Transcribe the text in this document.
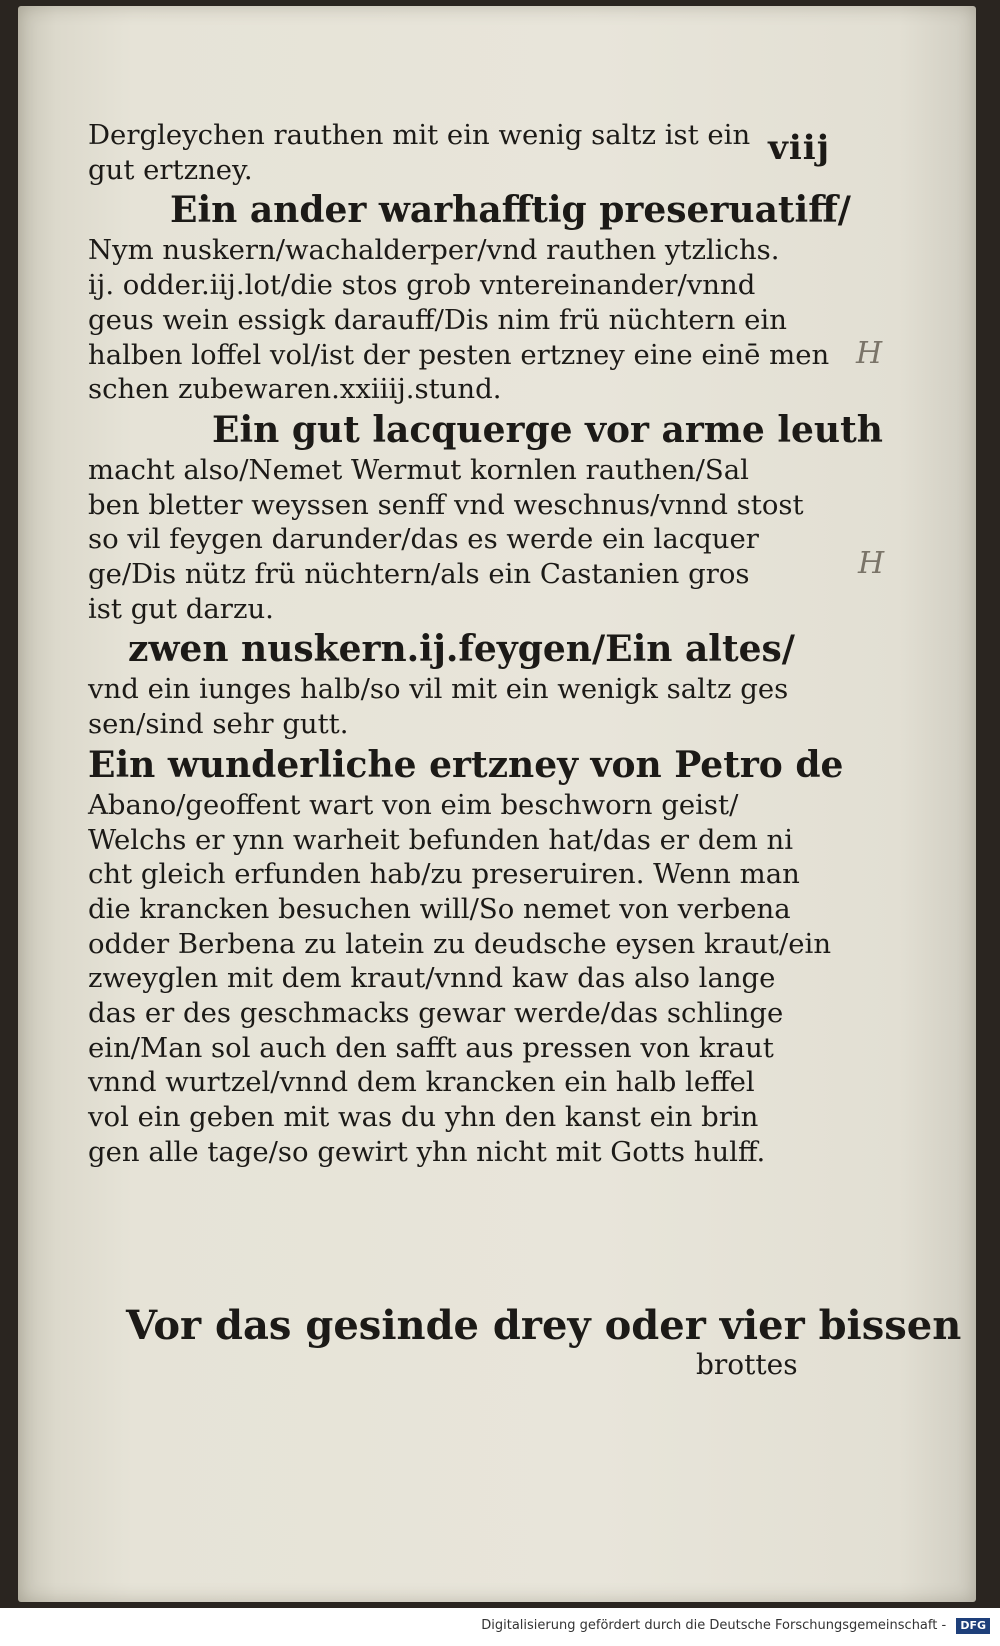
viij

Dergleychen rauthen mit ein wenig saltz ist ein
gut ertzney.

Ein ander warhafftig preseruatiff/

Nym nuskern/wachalderper/vnd rauthen ytzlichs.
ij. odder.iij.lot/die stos grob vntereinander/vnnd
geus wein essigk darauff/Dis nim frü nüchtern ein
halben loffel vol/ist der pesten ertzney eine einē men
schen zubewaren.xxiiij.stund.

Ein gut lacquerge vor arme leuth

macht also/Nemet Wermut kornlen rauthen/Sal
ben bletter weyssen senff vnd weschnus/vnnd stost
so vil feygen darunder/das es werde ein lacquer
ge/Dis nütz frü nüchtern/als ein Castanien gros
ist gut darzu.

zwen nuskern.ij.feygen/Ein altes/

vnd ein iunges halb/so vil mit ein wenigk saltz ges
sen/sind sehr gutt.

Ein wunderliche ertzney von Petro de

Abano/geoffent wart von eim beschworn geist/
Welchs er ynn warheit befunden hat/das er dem ni
cht gleich erfunden hab/zu preseruiren. Wenn man
die krancken besuchen will/So nemet von verbena
odder Berbena zu latein zu deudsche eysen kraut/ein
zweyglen mit dem kraut/vnnd kaw das also lange
das er des geschmacks gewar werde/das schlinge
ein/Man sol auch den safft aus pressen von kraut
vnnd wurtzel/vnnd dem krancken ein halb leffel
vol ein geben mit was du yhn den kanst ein brin
gen alle tage/so gewirt yhn nicht mit Gotts hulff.

H
H
Vor das gesinde drey oder vier bissen
brottes
Digitalisierung gefördert durch die Deutsche Forschungsgemeinschaft - DFG
